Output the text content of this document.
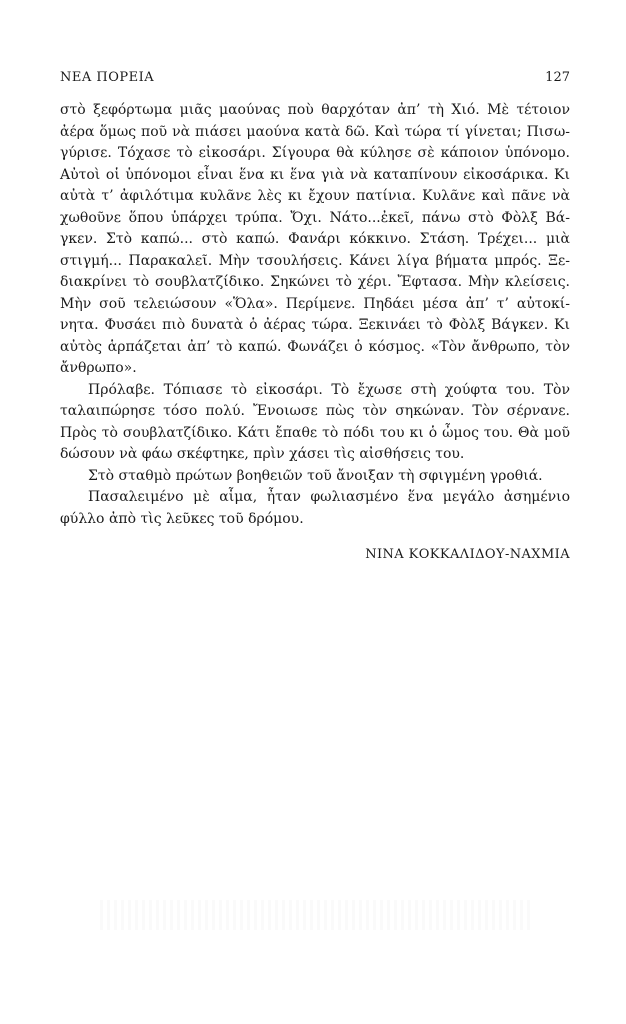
ΝΕΑ ΠΟΡΕΙΑ	127

στὸ ξεφόρτωμα μιᾶς μαούνας ποὺ θαρχόταν ἀπ’ τὴ Χιό. Μὲ τέτοιον ἀέρα ὅμως ποῦ νὰ πιάσει μαούνα κατὰ δῶ. Καὶ τώρα τί γίνεται; Πισω-γύρισε. Τόχασε τὸ εἰκοσάρι. Σίγουρα θὰ κύλησε σὲ κάποιον ὑπόνομο. Αὐτοὶ οἱ ὑπόνομοι εἶναι ἕνα κι ἕνα γιὰ νὰ καταπίνουν εἰκοσάρικα. Κι αὐτὰ τ’ ἀφιλότιμα κυλᾶνε λὲς κι ἔχουν πατίνια. Κυλᾶνε καὶ πᾶνε νὰ χωθοῦνε ὅπου ὑπάρχει τρύπα. Ὄχι. Νάτο...ἐκεῖ, πάνω στὸ Φὸλξ Βά-γκεν. Στὸ καπώ... στὸ καπώ. Φανάρι κόκκινο. Στάση. Τρέχει... μιὰ στιγμή... Παρακαλεῖ. Μὴν τσουλήσεις. Κάνει λίγα βήματα μπρός. Ξε-διακρίνει τὸ σουβλατζίδικο. Σηκώνει τὸ χέρι. Ἔφτασα. Μὴν κλείσεις. Μὴν σοῦ τελειώσουν «Ὅλα». Περίμενε. Πηδάει μέσα ἀπ’ τ’ αὐτοκί-νητα. Φυσάει πιὸ δυνατὰ ὁ ἀέρας τώρα. Ξεκινάει τὸ Φὸλξ Βάγκεν. Κι αὐτὸς ἁρπάζεται ἀπ’ τὸ καπώ. Φωνάζει ὁ κόσμος. «Τὸν ἄνθρωπο, τὸν ἄνθρωπο».

Πρόλαβε. Τόπιασε τὸ εἰκοσάρι. Τὸ ἔχωσε στὴ χούφτα του. Τὸν ταλαιπώρησε τόσο πολύ. Ἔνοιωσε πὼς τὸν σηκώναν. Τὸν σέρνανε. Πρὸς τὸ σουβλατζίδικο. Κάτι ἔπαθε τὸ πόδι του κι ὁ ὦμος του. Θὰ μοῦ δώσουν νὰ φάω σκέφτηκε, πρὶν χάσει τὶς αἰσθήσεις του.

Στὸ σταθμὸ πρώτων βοηθειῶν τοῦ ἄνοιξαν τὴ σφιγμένη γροθιά.

Πασαλειμένο μὲ αἷμα, ἦταν φωλιασμένο ἕνα μεγάλο ἀσημένιο φύλλο ἀπὸ τὶς λεῦκες τοῦ δρόμου.

ΝΙΝΑ ΚΟΚΚΑΛΙΔΟΥ-ΝΑΧΜΙΑ
